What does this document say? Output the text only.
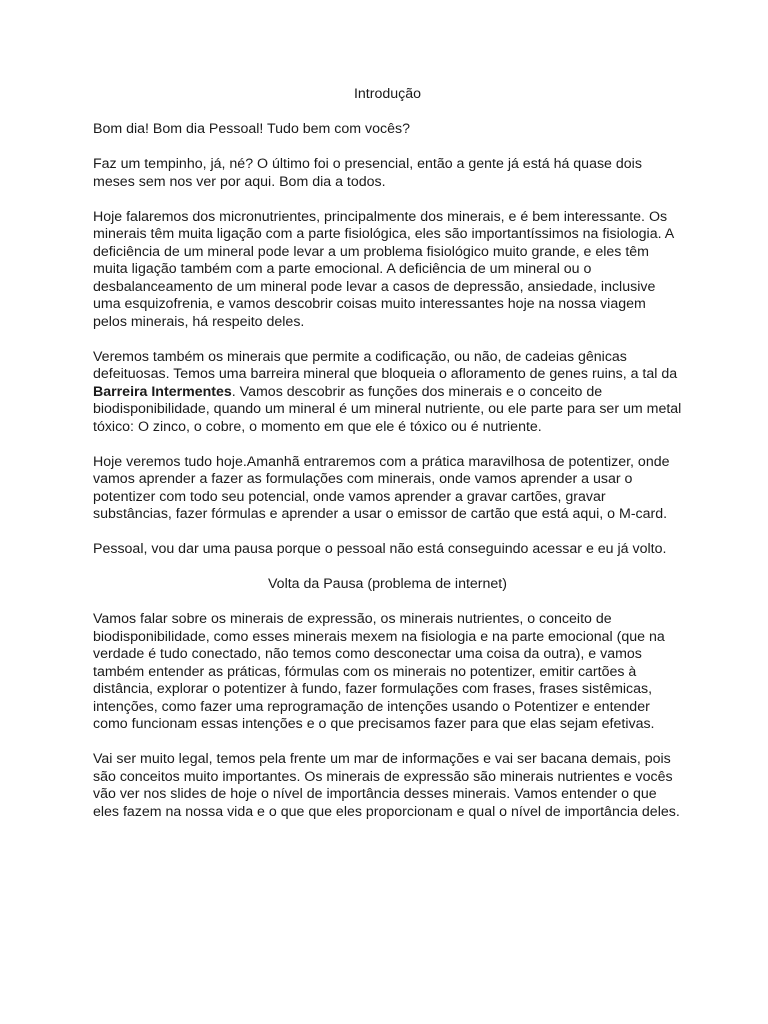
Introdução

Bom dia! Bom dia Pessoal! Tudo bem com vocês?

Faz um tempinho, já, né? O último foi o presencial, então a gente já está há quase dois meses sem nos ver por aqui. Bom dia a todos.

Hoje falaremos dos micronutrientes, principalmente dos minerais, e é bem interessante. Os minerais têm muita ligação com a parte fisiológica, eles são importantíssimos na fisiologia. A deficiência de um mineral pode levar a um problema fisiológico muito grande, e eles têm muita ligação também com a parte emocional. A deficiência de um mineral ou o desbalanceamento de um mineral pode levar a casos de depressão, ansiedade, inclusive uma esquizofrenia, e vamos descobrir coisas muito interessantes hoje na nossa viagem pelos minerais, há respeito deles.

Veremos também os minerais que permite a codificação, ou não, de cadeias gênicas defeituosas. Temos uma barreira mineral que bloqueia o afloramento de genes ruins, a tal da Barreira Intermentes. Vamos descobrir as funções dos minerais e o conceito de biodisponibilidade, quando um mineral é um mineral nutriente, ou ele parte para ser um metal tóxico: O zinco, o cobre, o momento em que ele é tóxico ou é nutriente.

Hoje veremos tudo hoje.Amanhã entraremos com a prática maravilhosa de potentizer, onde vamos aprender a fazer as formulações com minerais, onde vamos aprender a usar o potentizer com todo seu potencial, onde vamos aprender a gravar cartões, gravar substâncias, fazer fórmulas e aprender a usar o emissor de cartão que está aqui, o M-card.

Pessoal, vou dar uma pausa porque o pessoal não está conseguindo acessar e eu já volto.

Volta da Pausa (problema de internet)

Vamos falar sobre os minerais de expressão, os minerais nutrientes, o conceito de biodisponibilidade, como esses minerais mexem na fisiologia e na parte emocional (que na verdade é tudo conectado, não temos como desconectar uma coisa da outra), e vamos também entender as práticas, fórmulas com os minerais no potentizer, emitir cartões à distância, explorar o potentizer à fundo, fazer formulações com frases, frases sistêmicas, intenções, como fazer uma reprogramação de intenções usando o Potentizer e entender como funcionam essas intenções e o que precisamos fazer para que elas sejam efetivas.

Vai ser muito legal, temos pela frente um mar de informações e vai ser bacana demais, pois são conceitos muito importantes. Os minerais de expressão são minerais nutrientes e vocês vão ver nos slides de hoje o nível de importância desses minerais. Vamos entender o que eles fazem na nossa vida e o que que eles proporcionam e qual o nível de importância deles.
